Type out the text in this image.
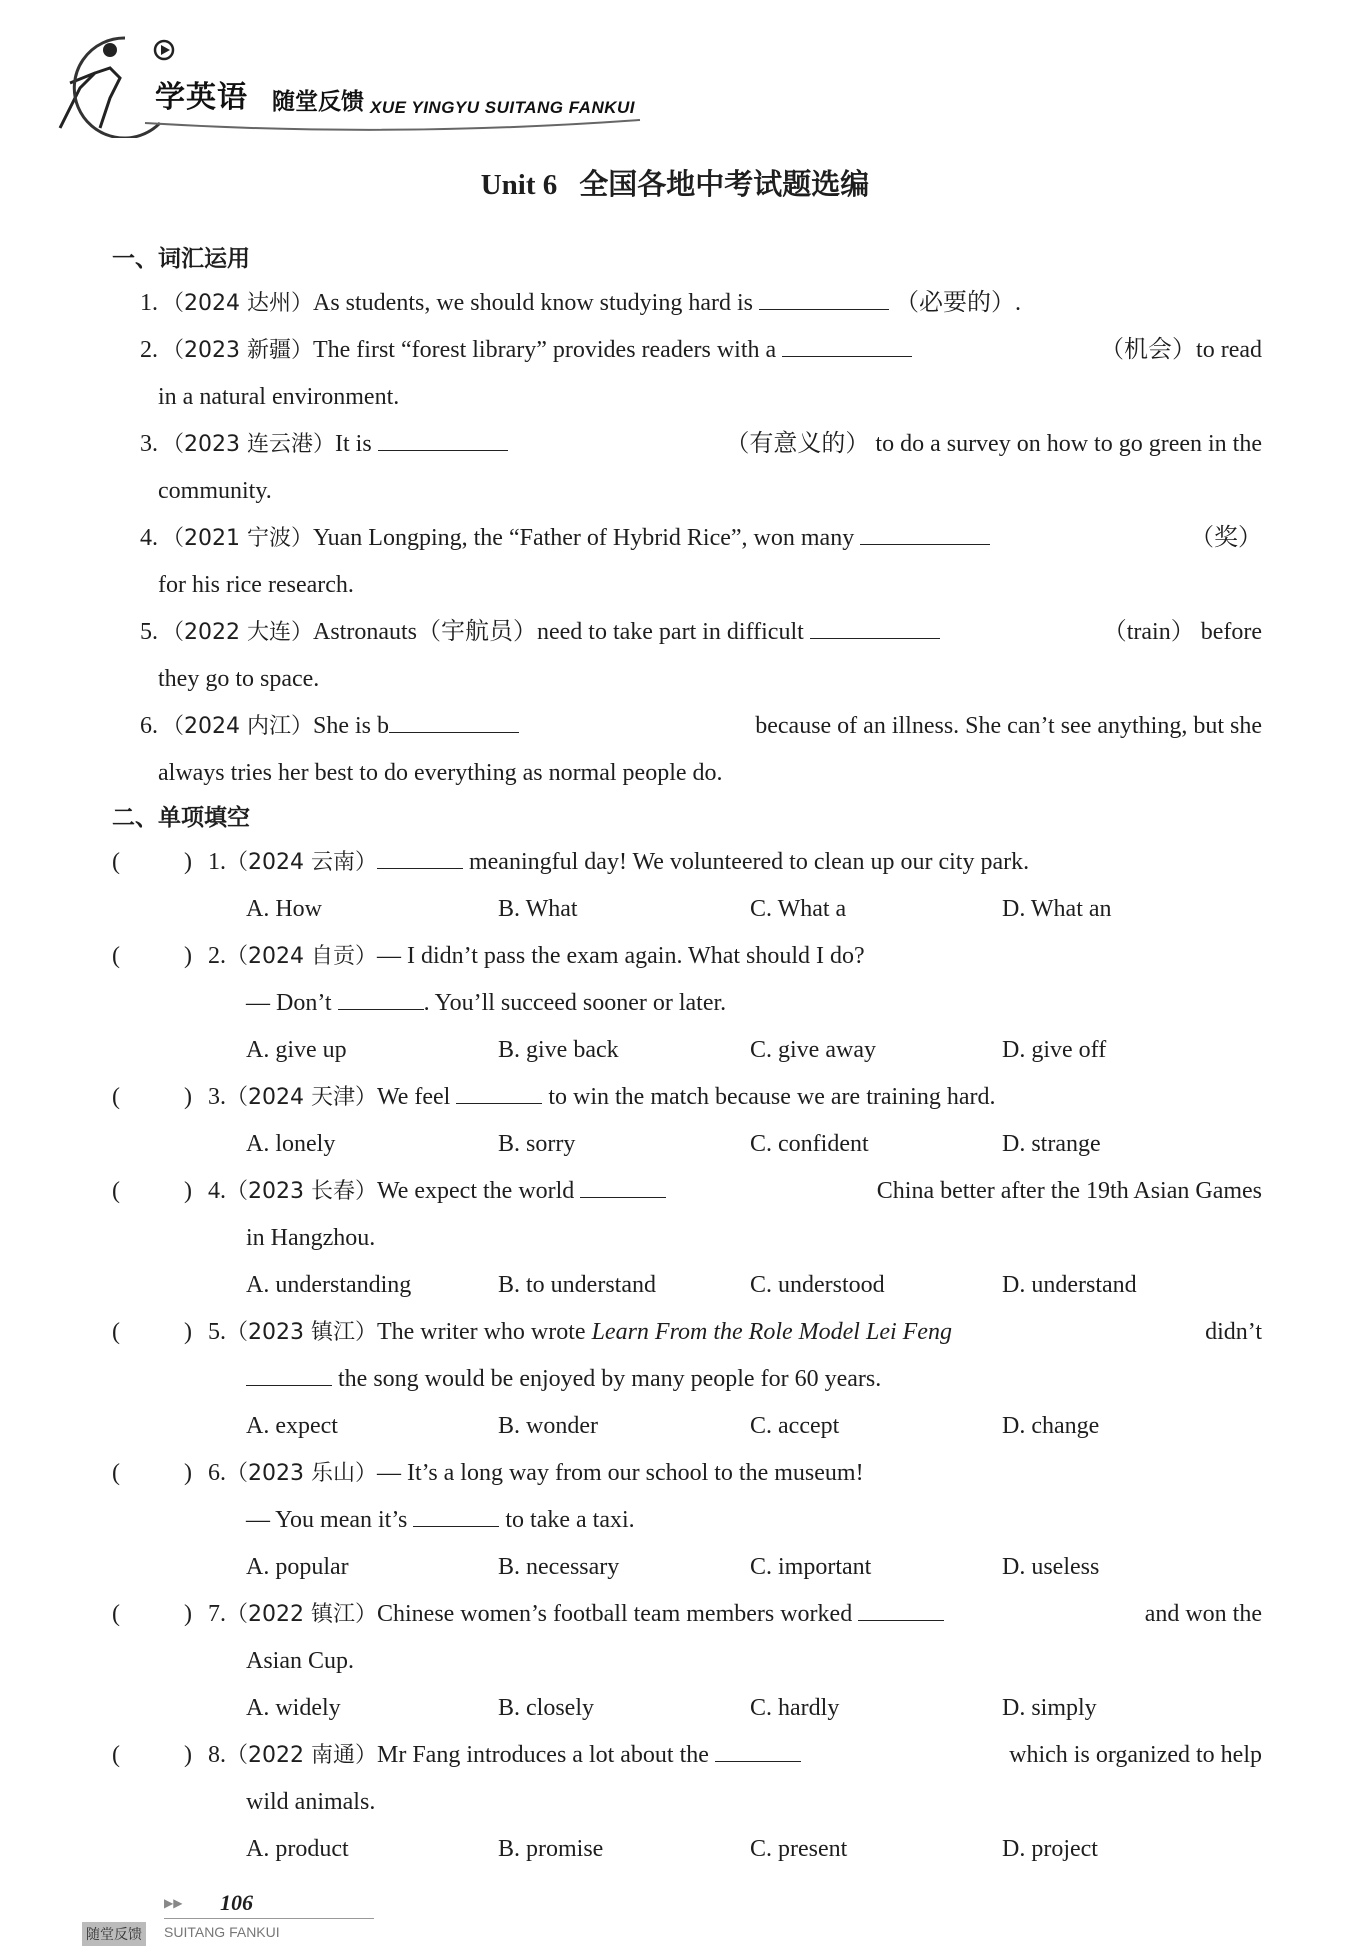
学英语 随堂反馈 XUE YINGYU SUITANG FANKUI
Unit 6 全国各地中考试题选编
一、词汇运用
1. （2024 达州）As students, we should know studying hard is	（必要的）.
2. （2023 新疆）The first “forest library” provides readers with a	（机会）to read
in a natural environment.
3. （2023 连云港）It is	（有意义的） to do a survey on how to go green in the
community.
4. （2021 宁波）Yuan Longping, the “Father of Hybrid Rice”, won many	（奖）
for his rice research.
5. （2022 大连）Astronauts（宇航员）need to take part in difficult	（train） before
they go to space.
6. （2024 内江）She is b	because of an illness. She can’t see anything, but she
always tries her best to do everything as normal people do.
二、单项填空
(	) 1.（2024 云南）	meaningful day! We volunteered to clean up our city park.
A. How	B. What	C. What a	D. What an
(	) 2.（2024 自贡）— I didn’t pass the exam again. What should I do?
— Don’t	. You’ll succeed sooner or later.
A. give up	B. give back	C. give away	D. give off
(	) 3.（2024 天津）We feel	to win the match because we are training hard.
A. lonely	B. sorry	C. confident	D. strange
(	) 4.（2023 长春）We expect the world	China better after the 19th Asian Games
in Hangzhou.
A. understanding	B. to understand	C. understood	D. understand
(	) 5.（2023 镇江）The writer who wrote Learn From the Role Model Lei Feng	didn’t
the song would be enjoyed by many people for 60 years.
A. expect	B. wonder	C. accept	D. change
(	) 6.（2023 乐山）— It’s a long way from our school to the museum!
— You mean it’s	to take a taxi.
A. popular	B. necessary	C. important	D. useless
(	) 7.（2022 镇江）Chinese women’s football team members worked	and won the
Asian Cup.
A. widely	B. closely	C. hardly	D. simply
(	) 8.（2022 南通）Mr Fang introduces a lot about the	which is organized to help
wild animals.
A. product	B. promise	C. present	D. project
▶▶ 106
随堂反馈 SUITANG FANKUI
